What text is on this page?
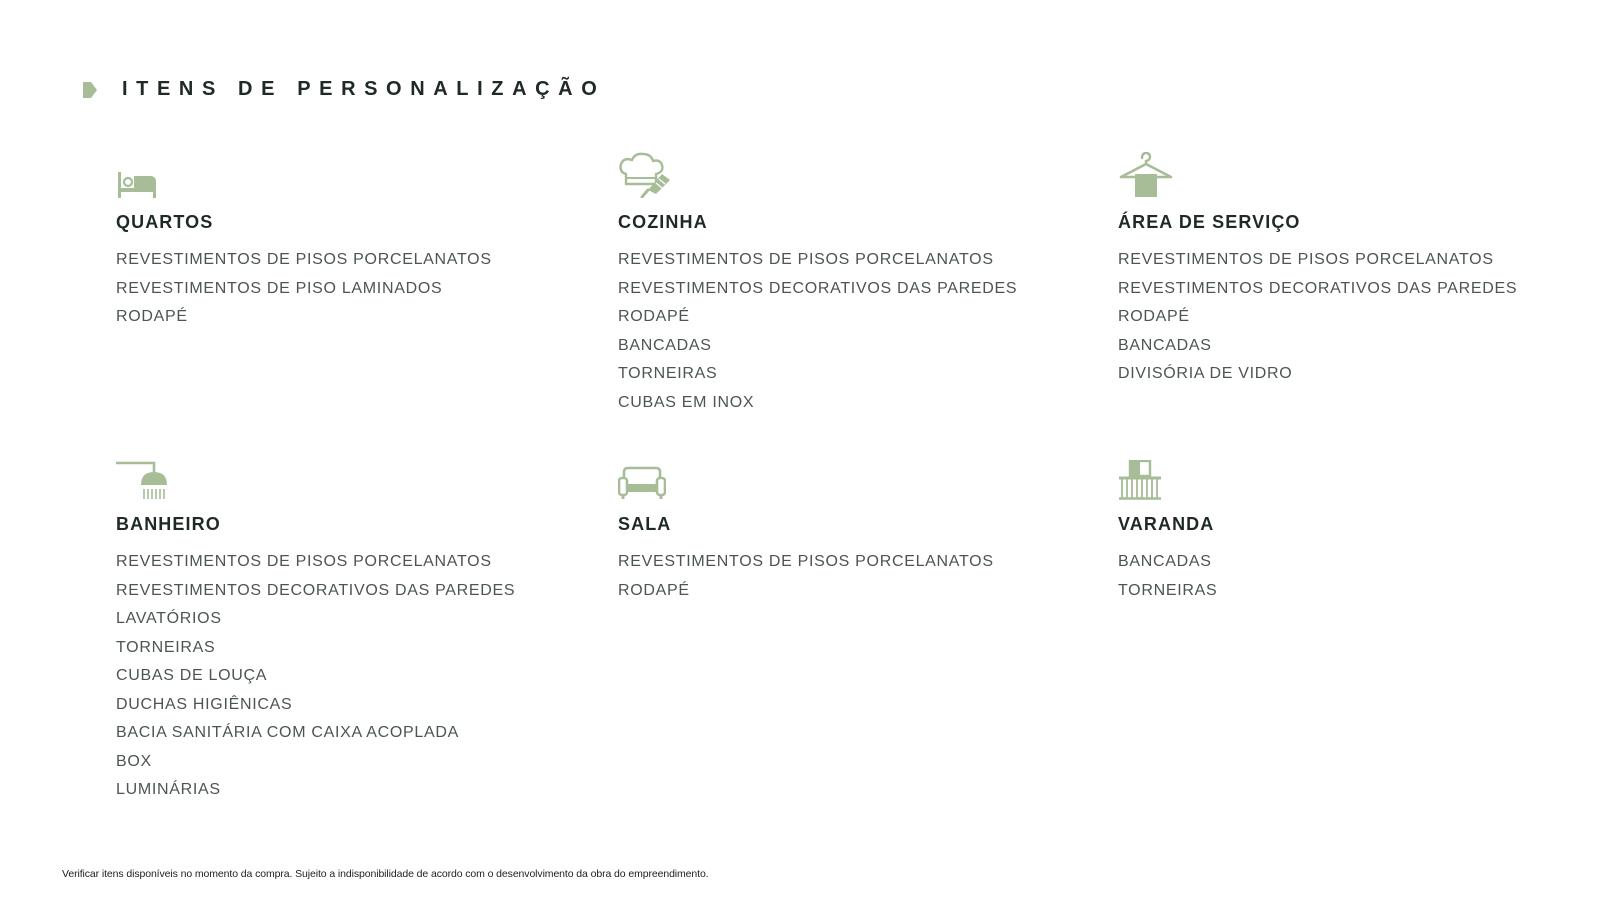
ITENS DE PERSONALIZAÇÃO
QUARTOS
REVESTIMENTOS DE PISOS PORCELANATOS
REVESTIMENTOS DE PISO LAMINADOS
RODAPÉ
COZINHA
REVESTIMENTOS DE PISOS PORCELANATOS
REVESTIMENTOS DECORATIVOS DAS PAREDES
RODAPÉ
BANCADAS
TORNEIRAS
CUBAS EM INOX
ÁREA DE SERVIÇO
REVESTIMENTOS DE PISOS PORCELANATOS
REVESTIMENTOS DECORATIVOS DAS PAREDES
RODAPÉ
BANCADAS
DIVISÓRIA DE VIDRO
BANHEIRO
REVESTIMENTOS DE PISOS PORCELANATOS
REVESTIMENTOS DECORATIVOS DAS PAREDES
LAVATÓRIOS
TORNEIRAS
CUBAS DE LOUÇA
DUCHAS HIGIÊNICAS
BACIA SANITÁRIA COM CAIXA ACOPLADA
BOX
LUMINÁRIAS
SALA
REVESTIMENTOS DE PISOS PORCELANATOS
RODAPÉ
VARANDA
BANCADAS
TORNEIRAS
Verificar itens disponíveis no momento da compra. Sujeito a indisponibilidade de acordo com o desenvolvimento da obra do empreendimento.
